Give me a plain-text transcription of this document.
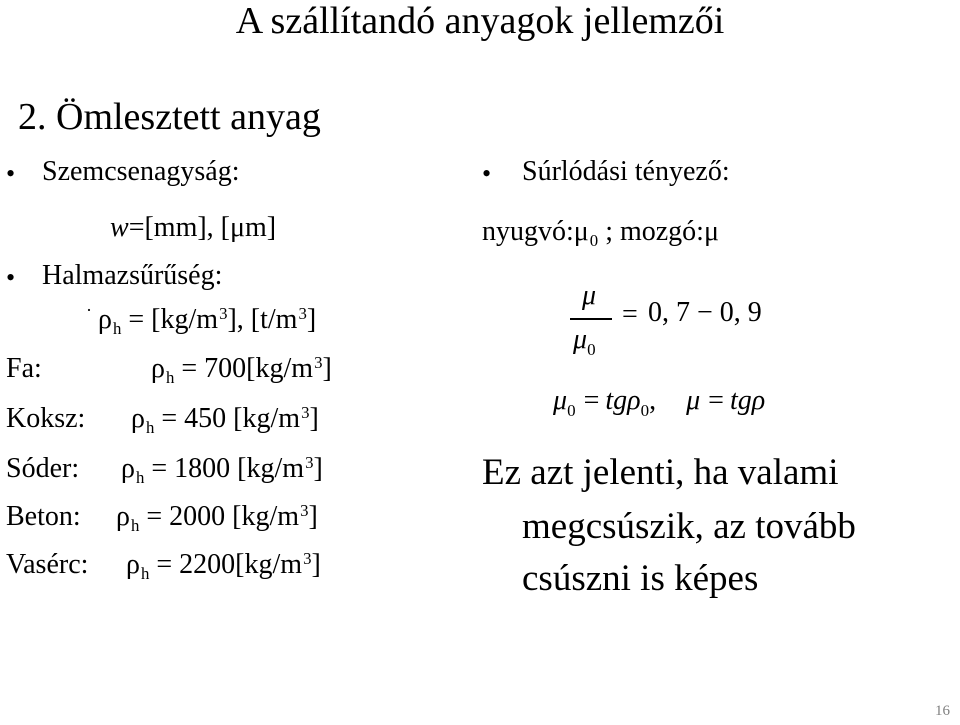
A szállítandó anyagok jellemzői
2. Ömlesztett anyag
• Szemcsenagyság:
w=[mm], [μm]
• Halmazsűrűség:
· $\rho_h = [kg/m^3]$, $[t/m^3]$
Fa:	$\rho_h = 700[kg/m^3]$
Koksz: $\rho_h = 450$ $[kg/m^3]$
Sóder: $\rho_h = 1800$ $[kg/m^3]$
Beton: $\rho_h = 2000$ $[kg/m^3]$
Vasérc: $\rho_h = 2200[kg/m^3]$
• Súrlódási tényező:
$nyugvó:\mu_0$ ; mozgó:μ
μ
$\mu_0$
= 0, 7 − 0, 9
$\mu_0 = tg\rho_0$, μ = tgρ
Ez azt jelenti, ha valami
megcsúszik, az tovább
csúszni is képes
16
